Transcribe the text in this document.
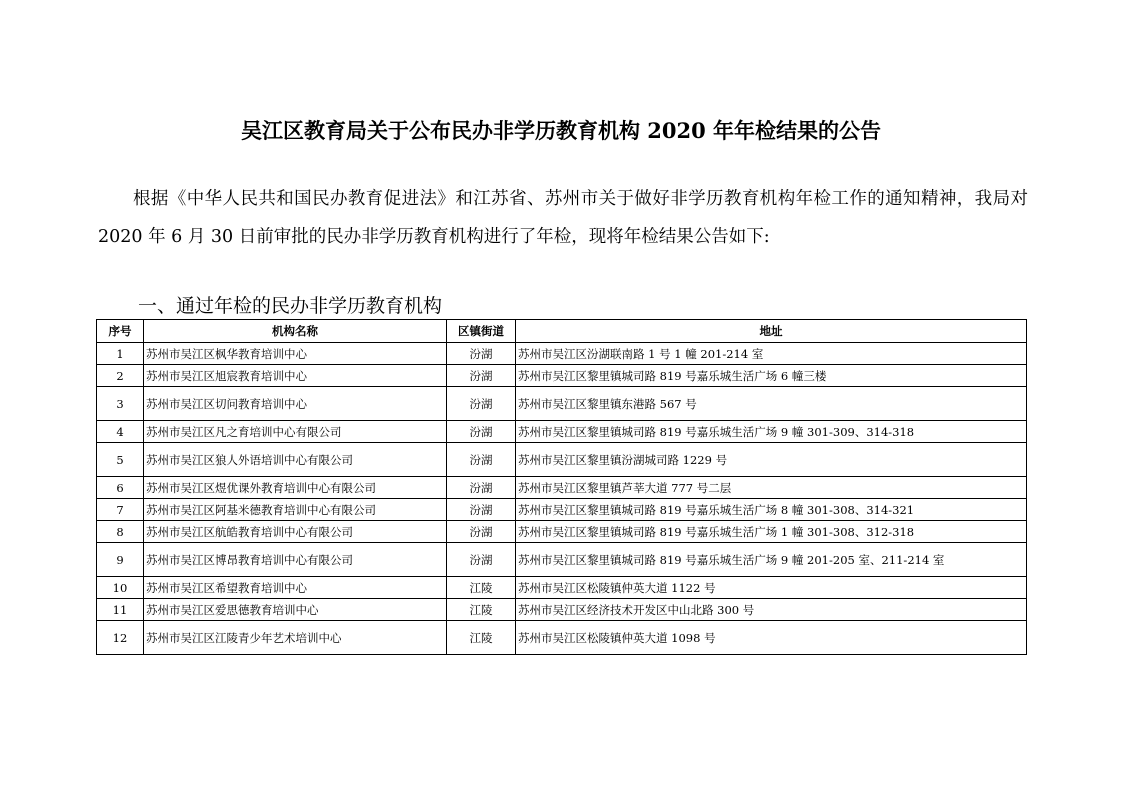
吴江区教育局关于公布民办非学历教育机构 2020 年年检结果的公告
根据《中华人民共和国民办教育促进法》和江苏省、苏州市关于做好非学历教育机构年检工作的通知精神，我局对 2020 年 6 月 30 日前审批的民办非学历教育机构进行了年检，现将年检结果公告如下:
一、通过年检的民办非学历教育机构
序号	机构名称	区镇街道	地址
1	苏州市吴江区枫华教育培训中心	汾湖	苏州市吴江区汾湖联南路 1 号 1 幢 201-214 室
2	苏州市吴江区旭宸教育培训中心	汾湖	苏州市吴江区黎里镇城司路 819 号嘉乐城生活广场 6 幢三楼
3	苏州市吴江区切问教育培训中心	汾湖	苏州市吴江区黎里镇东港路 567 号
4	苏州市吴江区凡之育培训中心有限公司	汾湖	苏州市吴江区黎里镇城司路 819 号嘉乐城生活广场 9 幢 301-309、314-318
5	苏州市吴江区狼人外语培训中心有限公司	汾湖	苏州市吴江区黎里镇汾湖城司路 1229 号
6	苏州市吴江区煜优课外教育培训中心有限公司	汾湖	苏州市吴江区黎里镇芦莘大道 777 号二层
7	苏州市吴江区阿基米德教育培训中心有限公司	汾湖	苏州市吴江区黎里镇城司路 819 号嘉乐城生活广场 8 幢 301-308、314-321
8	苏州市吴江区航皓教育培训中心有限公司	汾湖	苏州市吴江区黎里镇城司路 819 号嘉乐城生活广场 1 幢 301-308、312-318
9	苏州市吴江区博昂教育培训中心有限公司	汾湖	苏州市吴江区黎里镇城司路 819 号嘉乐城生活广场 9 幢 201-205 室、211-214 室
10	苏州市吴江区希望教育培训中心	江陵	苏州市吴江区松陵镇仲英大道 1122 号
11	苏州市吴江区爱思德教育培训中心	江陵	苏州市吴江区经济技术开发区中山北路 300 号
12	苏州市吴江区江陵青少年艺术培训中心	江陵	苏州市吴江区松陵镇仲英大道 1098 号
